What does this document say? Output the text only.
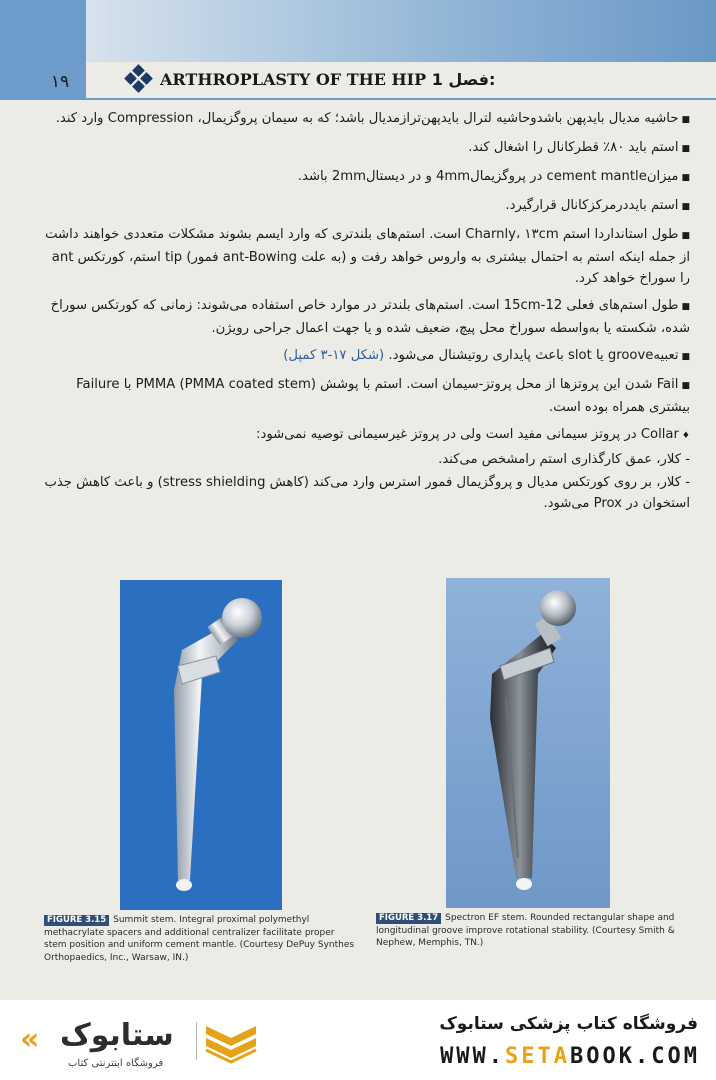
۱۹	ARTHROPLASTY OF THE HIP فصل 1:
■حاشیه مدیال بایدپهن باشدوحاشیه لترال بایدپهن‌ترازمدیال باشد؛ که به سیمان پروگزیمال، Compression وارد کند.
■استم باید ۸۰٪ قطرکانال را اشغال کند.
■میزانcement mantle در پروگزیمال4mm و در دیستال2mm باشد.
■استم بایددرمرکزکانال قرارگیرد.
■طول استانداردا استم Charnly، ۱۳cm است. استم‌های بلندتری که وارد ایسم بشوند مشکلات متعددی خواهند داشت از جمله اینکه استم به احتمال بیشتری به واروس خواهد رفت و (به علت ant-Bowing فمور) tip استم، کورتکس ant را سوراخ خواهد کرد.
■طول استم‌های فعلی 12-15cm است. استم‌های بلندتر در موارد خاص استفاده می‌شوند: زمانی که کورتکس سوراخ شده، شکسته یا به‌واسطه سوراخ محل پیچ، ضعیف شده و یا جهت اعمال جراحی رویژن.
■تعبیهgroove یا slot باعث پایداری روتیشنال می‌شود. (شکل ۱۷-۳ کمپل)
■Fail شدن این پروتزها از محل پروتز-سیمان است. استم با پوشش PMMA (PMMA coated stem) با Failure بیشتری همراه بوده است.
♦Collar در پروتز سیمانی مفید است ولی در پروتز غیرسیمانی توصیه نمی‌شود:
- کلار، عمق کارگذاری استم رامشخص می‌کند.
- کلار، بر روی کورتکس مدیال و پروگزیمال فمور استرس وارد می‌کند (کاهش stress shielding) و باعث کاهش جذب استخوان در Prox می‌شود.
FIGURE 3.15 Summit stem. Integral proximal polymethyl methacrylate spacers and additional centralizer facilitate proper stem position and uniform cement mantle. (Courtesy DePuy Synthes Orthopaedics, Inc., Warsaw, IN.)
FIGURE 3.17 Spectron EF stem. Rounded rectangular shape and longitudinal groove improve rotational stability. (Courtesy Smith & Nephew, Memphis, TN.)
« ستابوک
فروشگاه اینترنتی کتاب
فروشگاه کتاب پزشکی ستابوک
WWW.SETABOOK.COM
